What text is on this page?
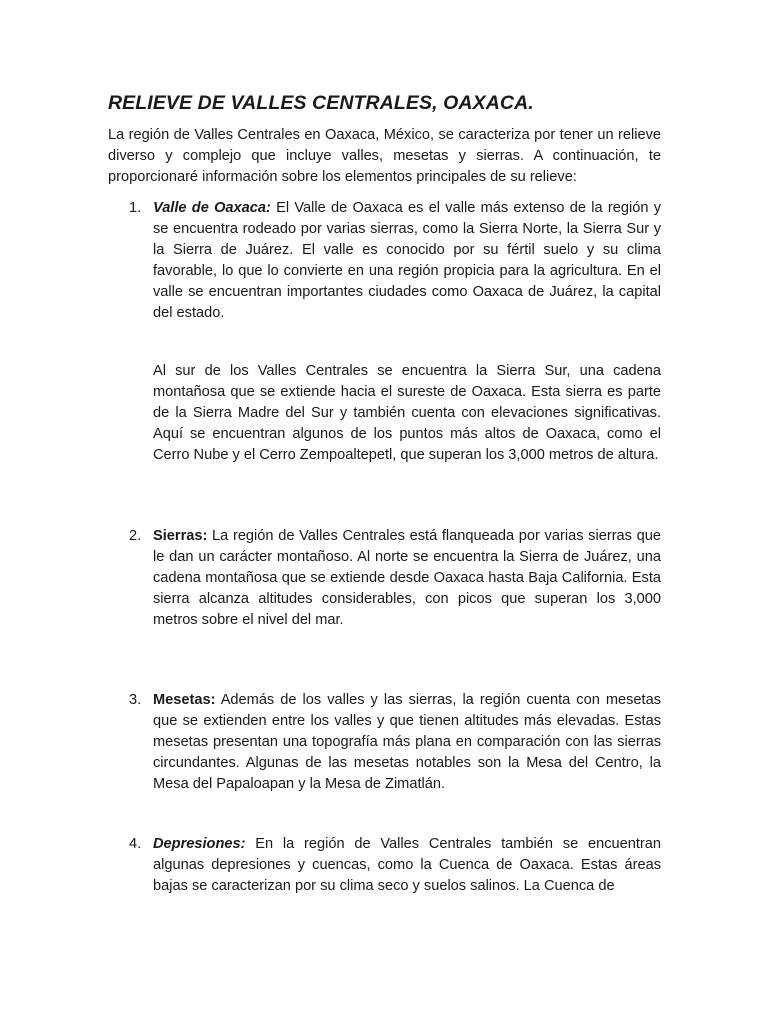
RELIEVE DE VALLES CENTRALES, OAXACA.

La región de Valles Centrales en Oaxaca, México, se caracteriza por tener un relieve diverso y complejo que incluye valles, mesetas y sierras. A continuación, te proporcionaré información sobre los elementos principales de su relieve:

1. Valle de Oaxaca: El Valle de Oaxaca es el valle más extenso de la región y se encuentra rodeado por varias sierras, como la Sierra Norte, la Sierra Sur y la Sierra de Juárez. El valle es conocido por su fértil suelo y su clima favorable, lo que lo convierte en una región propicia para la agricultura. En el valle se encuentran importantes ciudades como Oaxaca de Juárez, la capital del estado.

Al sur de los Valles Centrales se encuentra la Sierra Sur, una cadena montañosa que se extiende hacia el sureste de Oaxaca. Esta sierra es parte de la Sierra Madre del Sur y también cuenta con elevaciones significativas. Aquí se encuentran algunos de los puntos más altos de Oaxaca, como el Cerro Nube y el Cerro Zempoaltepetl, que superan los 3,000 metros de altura.

2. Sierras: La región de Valles Centrales está flanqueada por varias sierras que le dan un carácter montañoso. Al norte se encuentra la Sierra de Juárez, una cadena montañosa que se extiende desde Oaxaca hasta Baja California. Esta sierra alcanza altitudes considerables, con picos que superan los 3,000 metros sobre el nivel del mar.

3. Mesetas: Además de los valles y las sierras, la región cuenta con mesetas que se extienden entre los valles y que tienen altitudes más elevadas. Estas mesetas presentan una topografía más plana en comparación con las sierras circundantes. Algunas de las mesetas notables son la Mesa del Centro, la Mesa del Papaloapan y la Mesa de Zimatlán.

4. Depresiones: En la región de Valles Centrales también se encuentran algunas depresiones y cuencas, como la Cuenca de Oaxaca. Estas áreas bajas se caracterizan por su clima seco y suelos salinos. La Cuenca de
